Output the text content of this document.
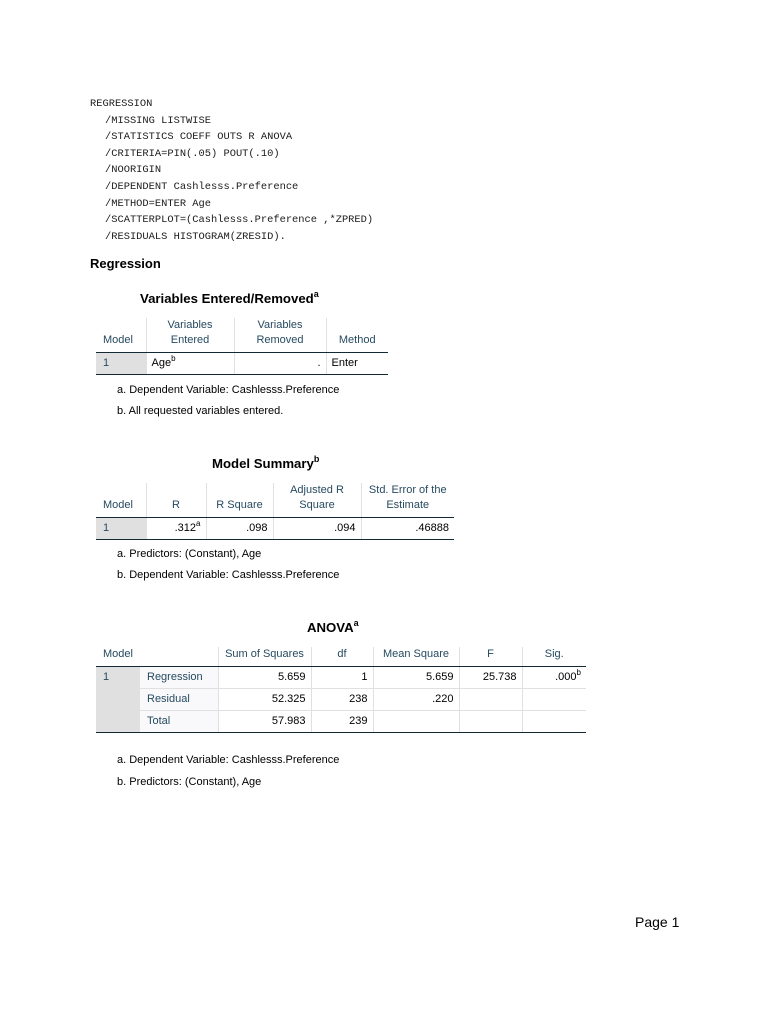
REGRESSION
/MISSING LISTWISE
/STATISTICS COEFF OUTS R ANOVA
/CRITERIA=PIN(.05) POUT(.10)
/NOORIGIN
/DEPENDENT Cashlesss.Preference
/METHOD=ENTER Age
/SCATTERPLOT=(Cashlesss.Preference ,*ZPRED)
/RESIDUALS HISTOGRAM(ZRESID).
Regression
Variables Entered/Removed$^a$
Model	Variables Entered	Variables Removed	Method
1	Age$^b$	.	Enter
a. Dependent Variable: Cashlesss.Preference
b. All requested variables entered.
Model Summary$^b$
Model	R	R Square	Adjusted R Square	Std. Error of the Estimate
1	.312$^a$	.098	.094	.46888
a. Predictors: (Constant), Age
b. Dependent Variable: Cashlesss.Preference
ANOVA$^a$
Model		Sum of Squares	df	Mean Square	F	Sig.
1	Regression	5.659	1	5.659	25.738	.000$^b$
	Residual	52.325	238	.220		
	Total	57.983	239			
a. Dependent Variable: Cashlesss.Preference
b. Predictors: (Constant), Age
Page 1
